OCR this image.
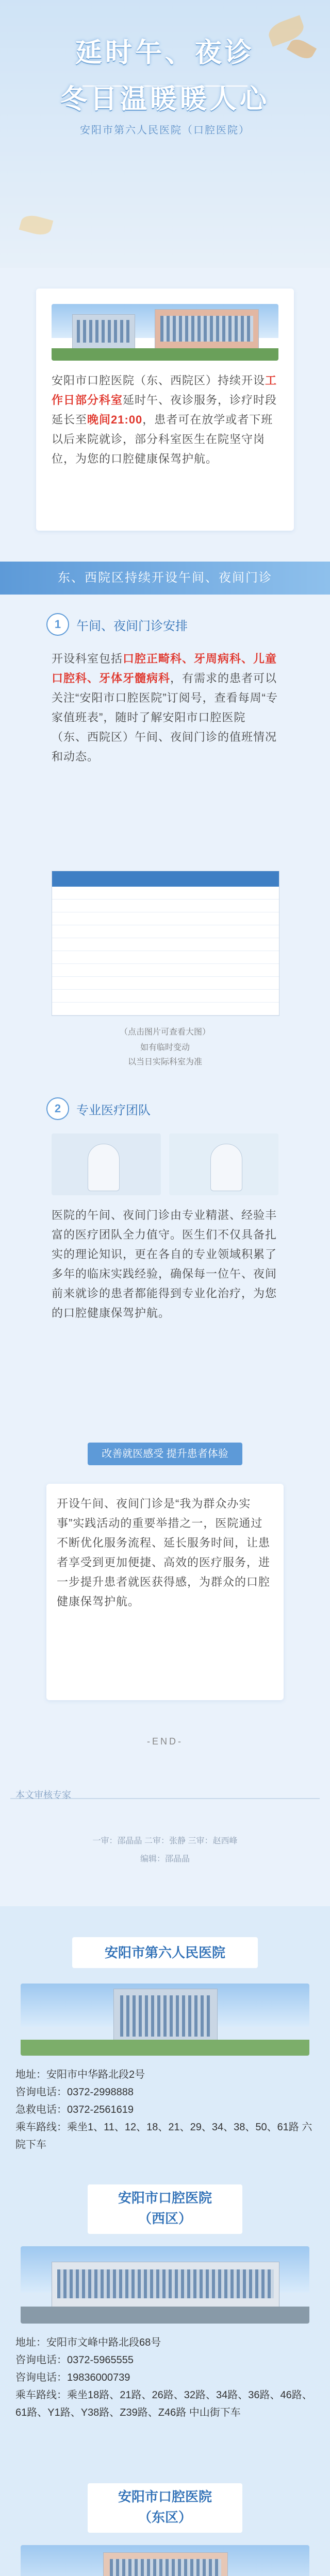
延时午、夜诊
冬日温暖暖人心
安阳市第六人民医院（口腔医院）
安阳市口腔医院（东、西院区）持续开设工作日部分科室延时午、夜诊服务，诊疗时段延长至晚间21:00，患者可在放学或者下班以后来院就诊，部分科室医生在院坚守岗位，为您的口腔健康保驾护航。
东、西院区持续开设午间、夜间门诊
1	午间、夜间门诊安排
开设科室包括口腔正畸科、牙周病科、儿童口腔科、牙体牙髓病科，有需求的患者可以关注“安阳市口腔医院”订阅号，查看每周“专家值班表”，随时了解安阳市口腔医院（东、西院区）午间、夜间门诊的值班情况和动态。
（点击图片可查看大图）
如有临时变动
以当日实际科室为准
2	专业医疗团队
医院的午间、夜间门诊由专业精湛、经验丰富的医疗团队全力值守。医生们不仅具备扎实的理论知识，更在各自的专业领域积累了多年的临床实践经验，确保每一位午、夜间前来就诊的患者都能得到专业化治疗，为您的口腔健康保驾护航。
改善就医感受 提升患者体验
开设午间、夜间门诊是“我为群众办实事”实践活动的重要举措之一，医院通过不断优化服务流程、延长服务时间，让患者享受到更加便捷、高效的医疗服务，进一步提升患者就医获得感，为群众的口腔健康保驾护航。
-END-
本文审核专家
一审：邵晶晶 二审：张静 三审：赵西峰
编辑：邵晶晶
安阳市第六人民医院
地址：安阳市中华路北段2号
咨询电话：0372-2998888
急救电话：0372-2561619
乘车路线：乘坐1、11、12、18、21、29、34、38、50、61路 六院下车
安阳市口腔医院
（西区）
地址：安阳市文峰中路北段68号
咨询电话：0372-5965555
咨询电话：19836000739
乘车路线：乘坐18路、21路、26路、32路、34路、36路、46路、61路、Y1路、Y38路、Z39路、Z46路 中山街下车
安阳市口腔医院
（东区）
